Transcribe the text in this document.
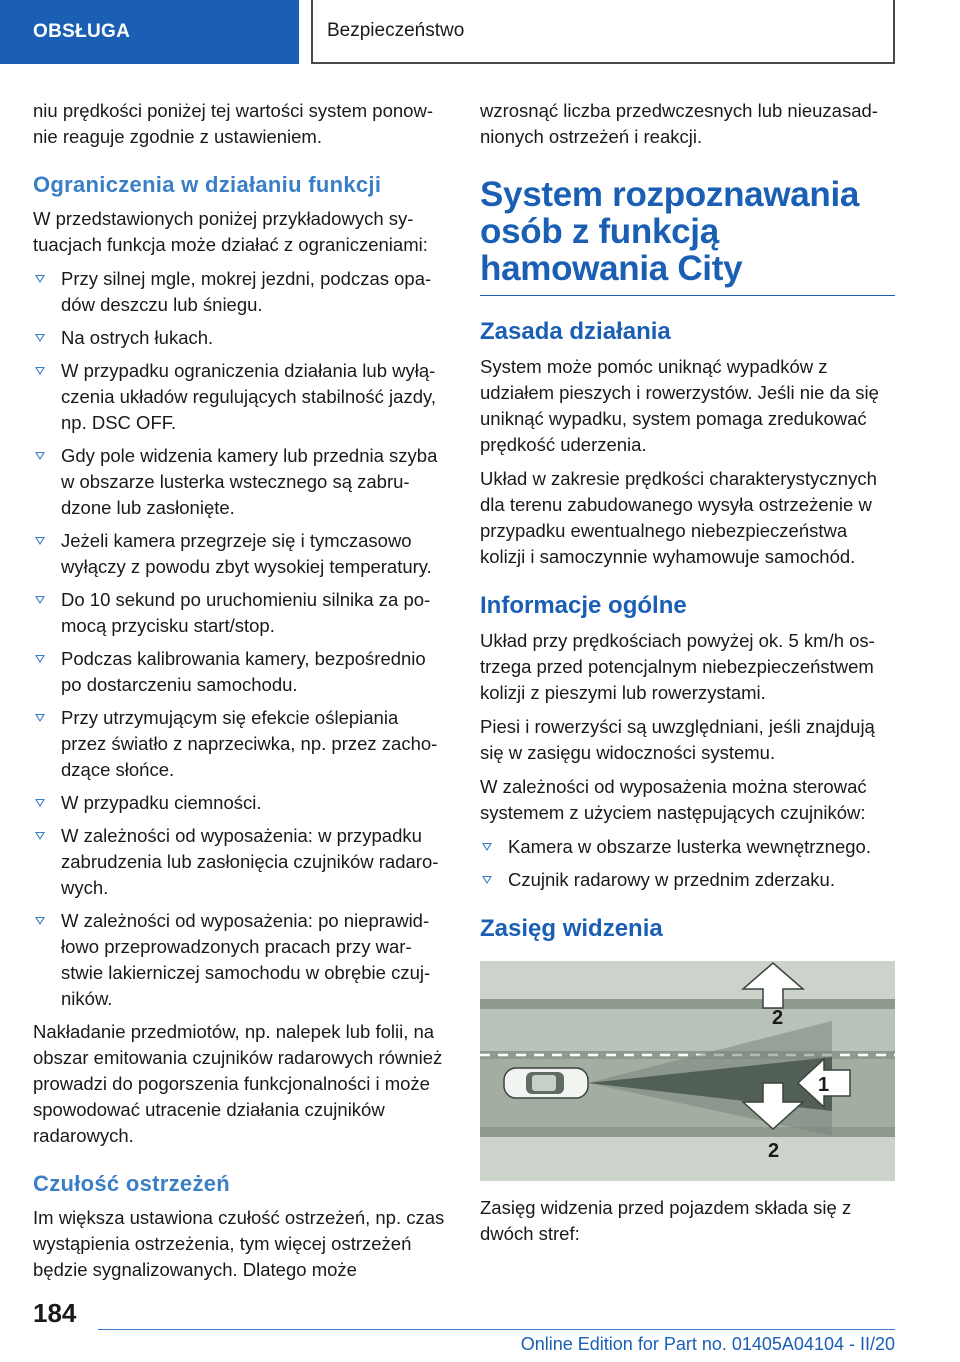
OBSŁUGA	Bezpieczeństwo

niu prędkości poniżej tej wartości system ponownie reaguje zgodnie z ustawieniem.

Ograniczenia w działaniu funkcji

W przedstawionych poniżej przykładowych sytuacjach funkcja może działać z ograniczeniami:

Przy silnej mgle, mokrej jezdni, podczas opadów deszczu lub śniegu.
Na ostrych łukach.
W przypadku ograniczenia działania lub wyłączenia układów regulujących stabilność jazdy, np. DSC OFF.
Gdy pole widzenia kamery lub przednia szyba w obszarze lusterka wstecznego są zabrudzone lub zasłonięte.
Jeżeli kamera przegrzeje się i tymczasowo wyłączy z powodu zbyt wysokiej temperatury.
Do 10 sekund po uruchomieniu silnika za pomocą przycisku start/stop.
Podczas kalibrowania kamery, bezpośrednio po dostarczeniu samochodu.
Przy utrzymującym się efekcie oślepiania przez światło z naprzeciwka, np. przez zachodzące słońce.
W przypadku ciemności.
W zależności od wyposażenia: w przypadku zabrudzenia lub zasłonięcia czujników radarowych.
W zależności od wyposażenia: po nieprawidłowo przeprowadzonych pracach przy warstwie lakierniczej samochodu w obrębie czujników.

Nakładanie przedmiotów, np. nalepek lub folii, na obszar emitowania czujników radarowych również prowadzi do pogorszenia funkcjonalności i może spowodować utracenie działania czujników radarowych.

Czułość ostrzeżeń

Im większa ustawiona czułość ostrzeżeń, np. czas wystąpienia ostrzeżenia, tym więcej ostrzeżeń będzie sygnalizowanych. Dlatego może

wzrosnąć liczba przedwczesnych lub nieuzasadnionych ostrzeżeń i reakcji.

System rozpoznawania osób z funkcją hamowania City
Zasada działania

System może pomóc uniknąć wypadków z udziałem pieszych i rowerzystów. Jeśli nie da się uniknąć wypadku, system pomaga zredukować prędkość uderzenia.

Układ w zakresie prędkości charakterystycznych dla terenu zabudowanego wysyła ostrzeżenie w przypadku ewentualnego niebezpieczeństwa kolizji i samoczynnie wyhamowuje samochód.

Informacje ogólne

Układ przy prędkościach powyżej ok. 5 km/h ostrzega przed potencjalnym niebezpieczeństwem kolizji z pieszymi lub rowerzystami.

Piesi i rowerzyści są uwzględniani, jeśli znajdują się w zasięgu widoczności systemu.

W zależności od wyposażenia można sterować systemem z użyciem następujących czujników:

Kamera w obszarze lusterka wewnętrznego.
Czujnik radarowy w przednim zderzaku.
Zasięg widzenia
2
1
2

Zasięg widzenia przed pojazdem składa się z dwóch stref:

184
Online Edition for Part no. 01405A04104 - II/20
